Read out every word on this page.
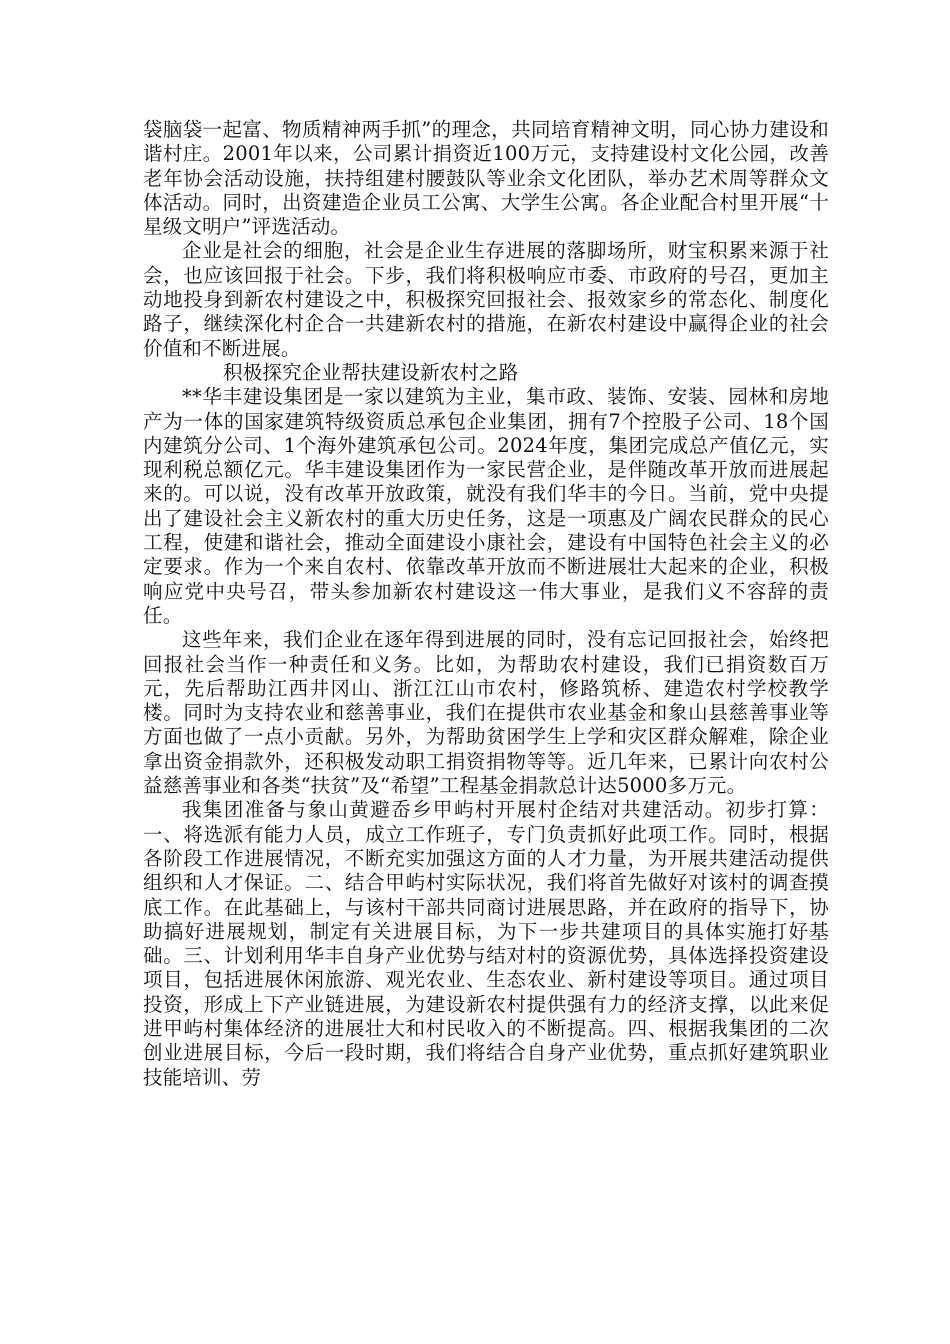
袋脑袋一起富、物质精神两手抓”的理念，共同培育精神文明，同心协力建设和谐村庄。2001年以来，公司累计捐资近100万元，支持建设村文化公园，改善老年协会活动设施，扶持组建村腰鼓队等业余文化团队，举办艺术周等群众文体活动。同时，出资建造企业员工公寓、大学生公寓。各企业配合村里开展“十星级文明户”评选活动。

企业是社会的细胞，社会是企业生存进展的落脚场所，财宝积累来源于社会，也应该回报于社会。下步，我们将积极响应市委、市政府的号召，更加主动地投身到新农村建设之中，积极探究回报社会、报效家乡的常态化、制度化路子，继续深化村企合一共建新农村的措施，在新农村建设中赢得企业的社会价值和不断进展。

积极探究企业帮扶建设新农村之路

**华丰建设集团是一家以建筑为主业，集市政、装饰、安装、园林和房地产为一体的国家建筑特级资质总承包企业集团，拥有7个控股子公司、18个国内建筑分公司、1个海外建筑承包公司。2024年度，集团完成总产值亿元，实现利税总额亿元。华丰建设集团作为一家民营企业，是伴随改革开放而进展起来的。可以说，没有改革开放政策，就没有我们华丰的今日。当前，党中央提出了建设社会主义新农村的重大历史任务，这是一项惠及广阔农民群众的民心工程，使建和谐社会，推动全面建设小康社会，建设有中国特色社会主义的必定要求。作为一个来自农村、依靠改革开放而不断进展壮大起来的企业，积极响应党中央号召，带头参加新农村建设这一伟大事业，是我们义不容辞的责任。

这些年来，我们企业在逐年得到进展的同时，没有忘记回报社会，始终把回报社会当作一种责任和义务。比如，为帮助农村建设，我们已捐资数百万元，先后帮助江西井冈山、浙江江山市农村，修路筑桥、建造农村学校教学楼。同时为支持农业和慈善事业，我们在提供市农业基金和象山县慈善事业等方面也做了一点小贡献。另外，为帮助贫困学生上学和灾区群众解难，除企业拿出资金捐款外，还积极发动职工捐资捐物等等。近几年来，已累计向农村公益慈善事业和各类“扶贫”及“希望”工程基金捐款总计达5000多万元。

我集团准备与象山黄避岙乡甲屿村开展村企结对共建活动。初步打算：一、将选派有能力人员，成立工作班子，专门负责抓好此项工作。同时，根据各阶段工作进展情况，不断充实加强这方面的人才力量，为开展共建活动提供组织和人才保证。二、结合甲屿村实际状况，我们将首先做好对该村的调查摸底工作。在此基础上，与该村干部共同商讨进展思路，并在政府的指导下，协助搞好进展规划，制定有关进展目标，为下一步共建项目的具体实施打好基础。三、计划利用华丰自身产业优势与结对村的资源优势，具体选择投资建设项目，包括进展休闲旅游、观光农业、生态农业、新村建设等项目。通过项目投资，形成上下产业链进展，为建设新农村提供强有力的经济支撑，以此来促进甲屿村集体经济的进展壮大和村民收入的不断提高。四、根据我集团的二次创业进展目标，今后一段时期，我们将结合自身产业优势，重点抓好建筑职业技能培训、劳
